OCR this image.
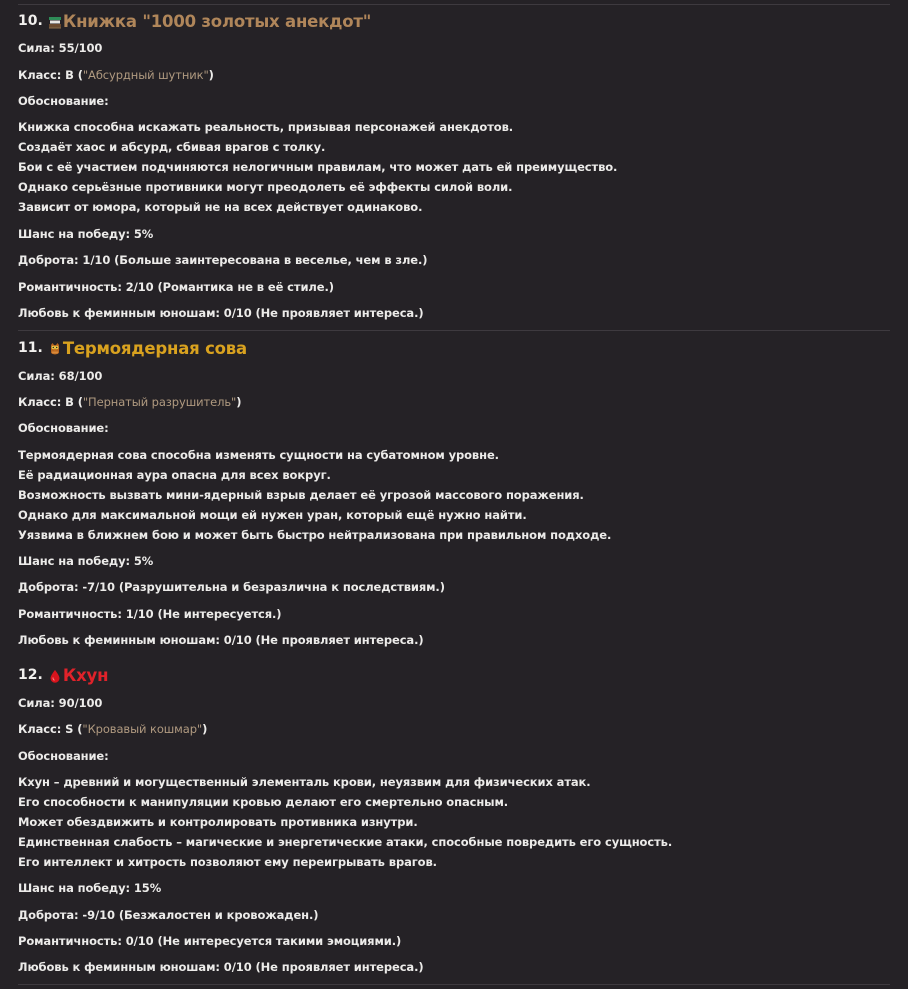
10. Книжка "1000 золотых анекдот"
Сила: 55/100
Класс: B ("Абсурдный шутник")
Обоснование:
Книжка способна искажать реальность, призывая персонажей анекдотов.
Создаёт хаос и абсурд, сбивая врагов с толку.
Бои с её участием подчиняются нелогичным правилам, что может дать ей преимущество.
Однако серьёзные противники могут преодолеть её эффекты силой воли.
Зависит от юмора, который не на всех действует одинаково.
Шанс на победу: 5%
Доброта: 1/10 (Больше заинтересована в веселье, чем в зле.)
Романтичность: 2/10 (Романтика не в её стиле.)
Любовь к феминным юношам: 0/10 (Не проявляет интереса.)
11. Термоядерная сова
Сила: 68/100
Класс: B ("Пернатый разрушитель")
Обоснование:
Термоядерная сова способна изменять сущности на субатомном уровне.
Её радиационная аура опасна для всех вокруг.
Возможность вызвать мини-ядерный взрыв делает её угрозой массового поражения.
Однако для максимальной мощи ей нужен уран, который ещё нужно найти.
Уязвима в ближнем бою и может быть быстро нейтрализована при правильном подходе.
Шанс на победу: 5%
Доброта: -7/10 (Разрушительна и безразлична к последствиям.)
Романтичность: 1/10 (Не интересуется.)
Любовь к феминным юношам: 0/10 (Не проявляет интереса.)
12. Кхун
Сила: 90/100
Класс: S ("Кровавый кошмар")
Обоснование:
Кхун – древний и могущественный элементаль крови, неуязвим для физических атак.
Его способности к манипуляции кровью делают его смертельно опасным.
Может обездвижить и контролировать противника изнутри.
Единственная слабость – магические и энергетические атаки, способные повредить его сущность.
Его интеллект и хитрость позволяют ему переигрывать врагов.
Шанс на победу: 15%
Доброта: -9/10 (Безжалостен и кровожаден.)
Романтичность: 0/10 (Не интересуется такими эмоциями.)
Любовь к феминным юношам: 0/10 (Не проявляет интереса.)
